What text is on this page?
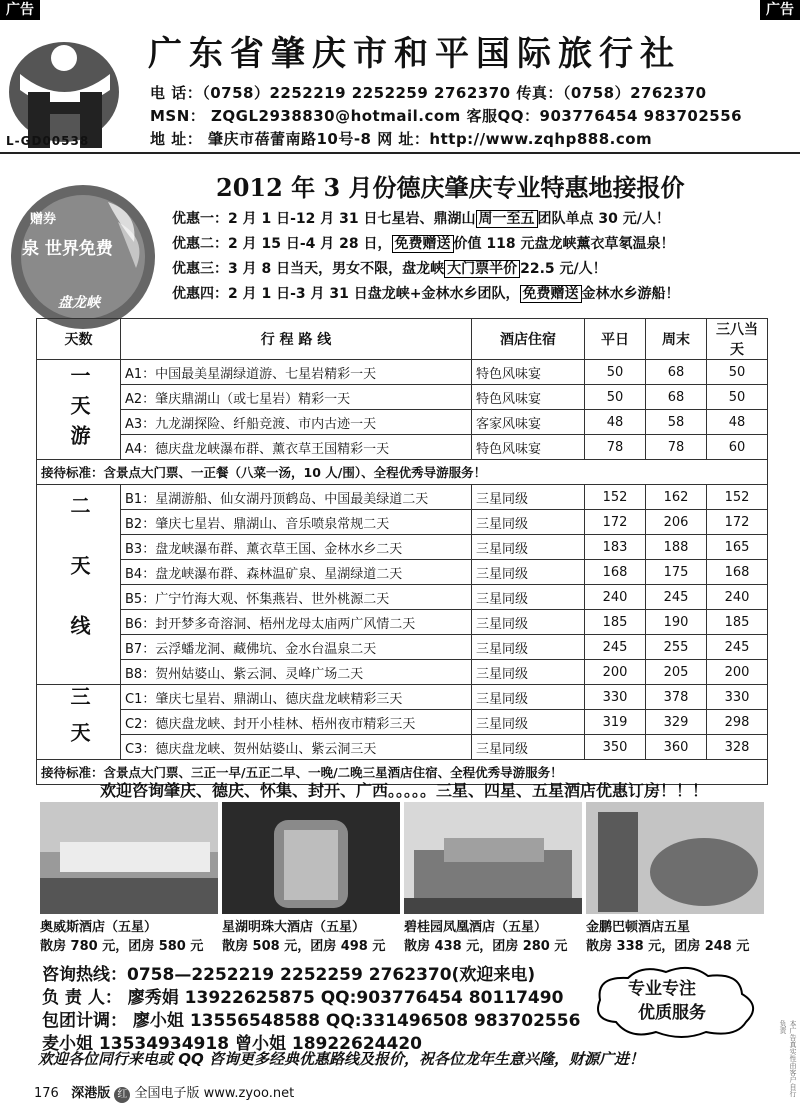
广告	广告
L-GD00538
广东省肇庆市和平国际旅行社
电 话：（0758）2252219 2252259 2762370 传真：（0758）2762370
MSN： ZQGL2938830@hotmail.com 客服QQ：903776454 983702556
地 址： 肇庆市蓓蕾南路10号-8 网 址：http://www.zqhp888.com
赠券
泉 世界免费
盘龙峡
2012 年 3 月份德庆肇庆专业特惠地接报价
优惠一：2 月 1 日-12 月 31 日七星岩、鼎湖山 周一至五 团队单点 30 元/人！
优惠二：2 月 15 日-4 月 28 日， 免费赠送 价值 118 元盘龙峡薰衣草氡温泉！
优惠三：3 月 8 日当天，男女不限，盘龙峡 大门票半价 22.5 元/人！
优惠四：2 月 1 日-3 月 31 日盘龙峡+金林水乡团队， 免费赠送 金林水乡游船！
天数	行 程 路 线	酒店住宿	平日	周末	三八当天
一天游	A1：中国最美星湖绿道游、七星岩精彩一天	特色风味宴	50	68	50
	A2：肇庆鼎湖山（或七星岩）精彩一天	特色风味宴	50	68	50
	A3：九龙湖探险、纤船竞渡、市内古迹一天	客家风味宴	48	58	48
	A4：德庆盘龙峡瀑布群、薰衣草王国精彩一天	特色风味宴	78	78	60
接待标准：含景点大门票、一正餐（八菜一汤，10 人/围）、全程优秀导游服务！					
二天线	B1：星湖游船、仙女湖丹顶鹤岛、中国最美绿道二天	三星同级	152	162	152
	B2：肇庆七星岩、鼎湖山、音乐喷泉常规二天	三星同级	172	206	172
	B3：盘龙峡瀑布群、薰衣草王国、金林水乡二天	三星同级	183	188	165
	B4：盘龙峡瀑布群、森林温矿泉、星湖绿道二天	三星同级	168	175	168
	B5：广宁竹海大观、怀集燕岩、世外桃源二天	三星同级	240	245	240
	B6：封开梦多奇溶洞、梧州龙母太庙两广风情二天	三星同级	185	190	185
	B7：云浮蟠龙洞、藏佛坑、金水台温泉二天	三星同级	245	255	245
	B8：贺州姑婆山、紫云洞、灵峰广场二天	三星同级	200	205	200
三天	C1：肇庆七星岩、鼎湖山、德庆盘龙峡精彩三天	三星同级	330	378	330
	C2：德庆盘龙峡、封开小桂林、梧州夜市精彩三天	三星同级	319	329	298
	C3：德庆盘龙峡、贺州姑婆山、紫云洞三天	三星同级	350	360	328
接待标准：含景点大门票、三正一早/五正二早、一晚/二晚三星酒店住宿、全程优秀导游服务！					
欢迎咨询肇庆、德庆、怀集、封开、广西。。。。。三星、四星、五星酒店优惠订房！！！
奥威斯酒店（五星）
散房 780 元，团房 580 元
星湖明珠大酒店（五星）
散房 508 元，团房 498 元
碧桂园凤凰酒店（五星）
散房 438 元，团房 280 元
金鹏巴顿酒店五星
散房 338 元，团房 248 元
咨询热线：0758—2252219 2252259 2762370(欢迎来电)
负 责 人： 廖秀娟 13922625875 QQ:903776454 80117490
包团计调： 廖小姐 13556548588 QQ:331496508 983702556
麦小姐 13534934918 曾小姐 18922624420
专业专注
优质服务
欢迎各位同行来电或 QQ 咨询更多经典优惠路线及报价，祝各位龙年生意兴隆，财源广进！
176 深港版 红 全国电子版 www.zyoo.net	本广告真实性由客户自行负责
